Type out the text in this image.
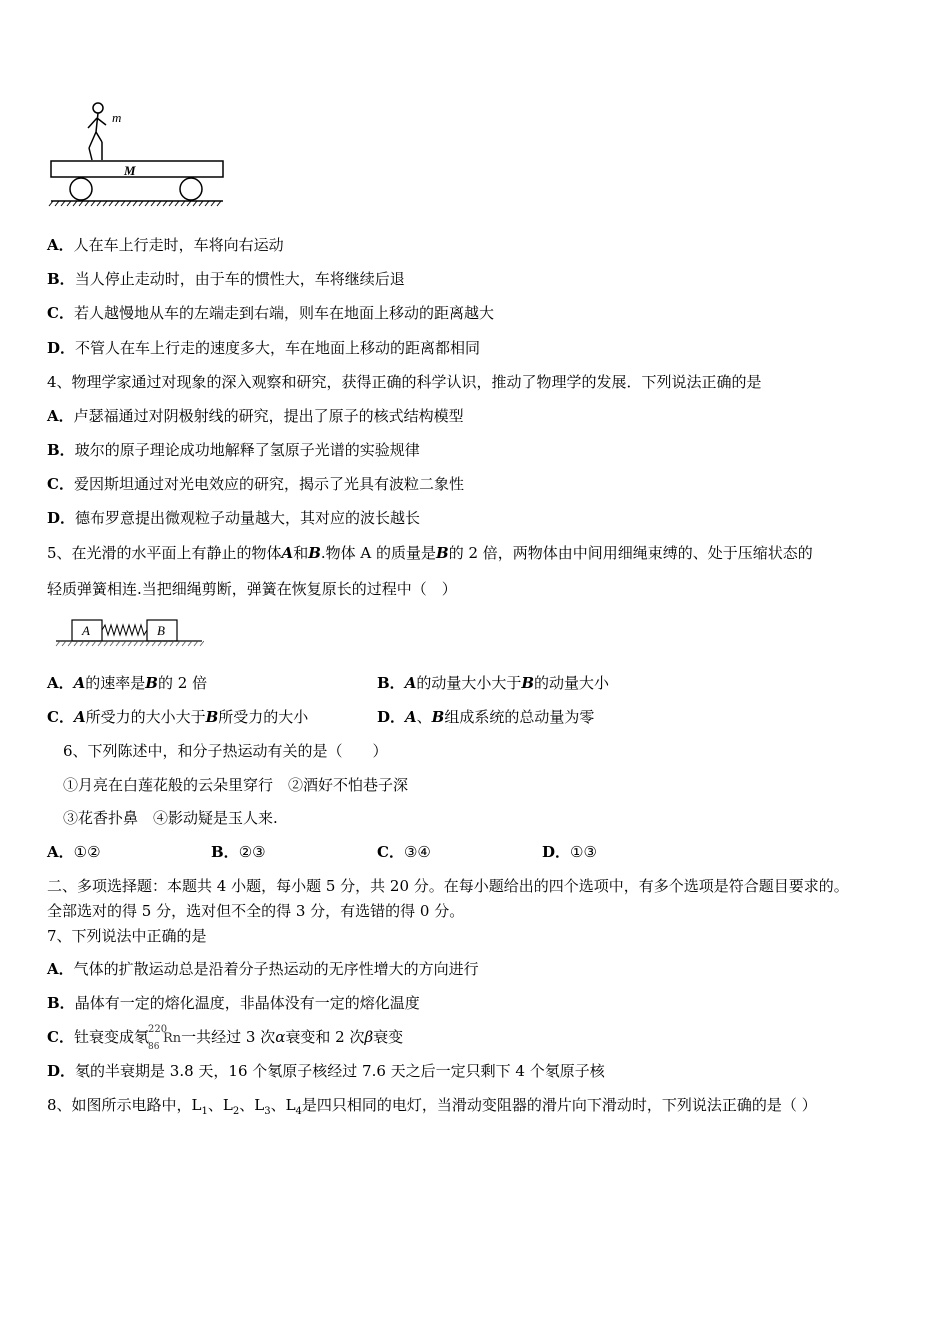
m
M
A．人在车上行走时，车将向右运动
B．当人停止走动时，由于车的惯性大，车将继续后退
C．若人越慢地从车的左端走到右端，则车在地面上移动的距离越大
D．不管人在车上行走的速度多大，车在地面上移动的距离都相同
4、物理学家通过对现象的深入观察和研究，获得正确的科学认识，推动了物理学的发展．下列说法正确的是
A．卢瑟福通过对阴极射线的研究，提出了原子的核式结构模型
B．玻尔的原子理论成功地解释了氢原子光谱的实验规律
C．爱因斯坦通过对光电效应的研究，揭示了光具有波粒二象性
D．德布罗意提出微观粒子动量越大，其对应的波长越长
5、在光滑的水平面上有静止的物体A和B.物体 A 的质量是B的 2 倍，两物体由中间用细绳束缚的、处于压缩状态的
轻质弹簧相连.当把细绳剪断，弹簧在恢复原长的过程中（　）
A	B
A．A的速率是B的 2 倍	B．A的动量大小大于B的动量大小
C．A所受力的大小大于B所受力的大小	D．A、B组成系统的总动量为零
6、下列陈述中，和分子热运动有关的是（　　）
①月亮在白莲花般的云朵里穿行　②酒好不怕巷子深
③花香扑鼻　④影动疑是玉人来.
A．①②	B．②③	C．③④	D．①③
二、多项选择题：本题共 4 小题，每小题 5 分，共 20 分。在每小题给出的四个选项中，有多个选项是符合题目要求的。
全部选对的得 5 分，选对但不全的得 3 分，有选错的得 0 分。
7、下列说法中正确的是
A．气体的扩散运动总是沿着分子热运动的无序性增大的方向进行
B．晶体有一定的熔化温度，非晶体没有一定的熔化温度
C．钍衰变成氡 220
86
Rn一共经过 3 次α衰变和 2 次β衰变
D．氡的半衰期是 3.8 天，16 个氡原子核经过 7.6 天之后一定只剩下 4 个氡原子核
8、如图所示电路中，$L_1$、$L_2$、$L_3$、$L_4$是四只相同的电灯，当滑动变阻器的滑片向下滑动时，下列说法正确的是（ ）
